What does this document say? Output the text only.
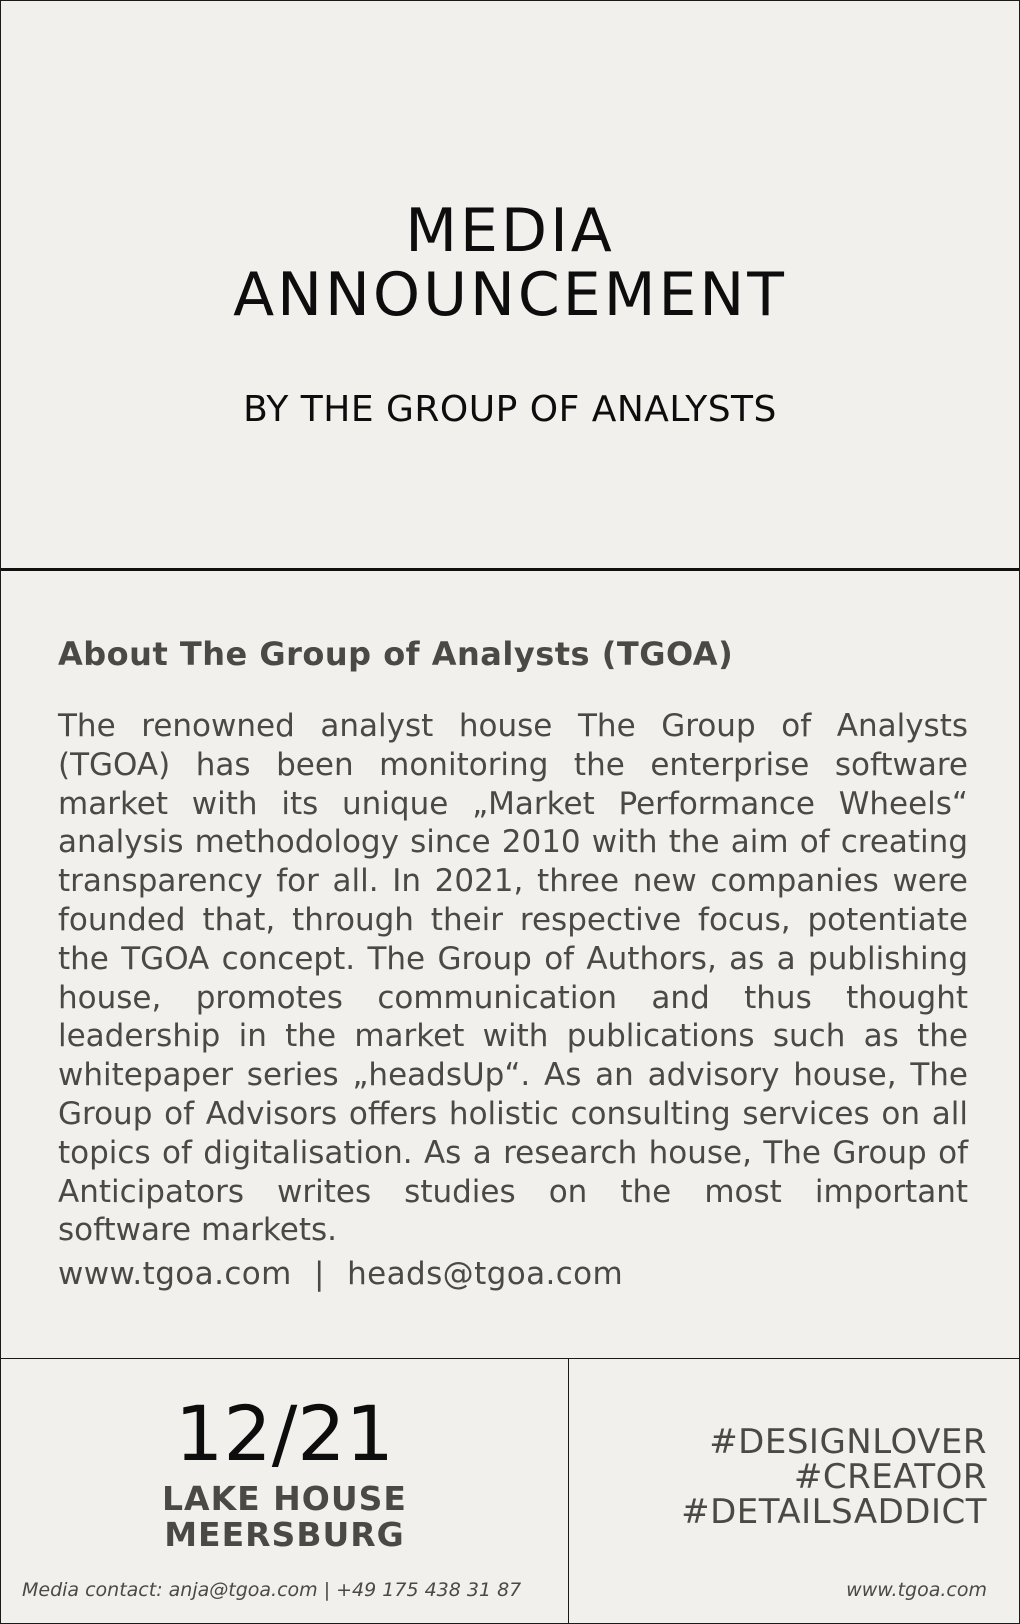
MEDIA
ANNOUNCEMENT
BY THE GROUP OF ANALYSTS
About The Group of Analysts (TGOA)

The renowned analyst house The Group of Analysts (TGOA) has been monitoring the enterprise software market with its unique „Market Performance Wheels“ analysis methodology since 2010 with the aim of creating transparency for all. In 2021, three new companies were founded that, through their respective focus, potentiate the TGOA concept. The Group of Authors, as a publishing house, promotes communication and thus thought leadership in the market with publications such as the whitepaper series „headsUp“. As an advisory house, The Group of Advisors offers holistic consulting services on all topics of digitalisation. As a research house, The Group of Anticipators writes studies on the most important software markets.

www.tgoa.com | heads@tgoa.com
12/21
LAKE HOUSE
MEERSBURG
#DESIGNLOVER
#CREATOR
#DETAILSADDICT
Media contact: anja@tgoa.com | +49 175 438 31 87	www.tgoa.com
